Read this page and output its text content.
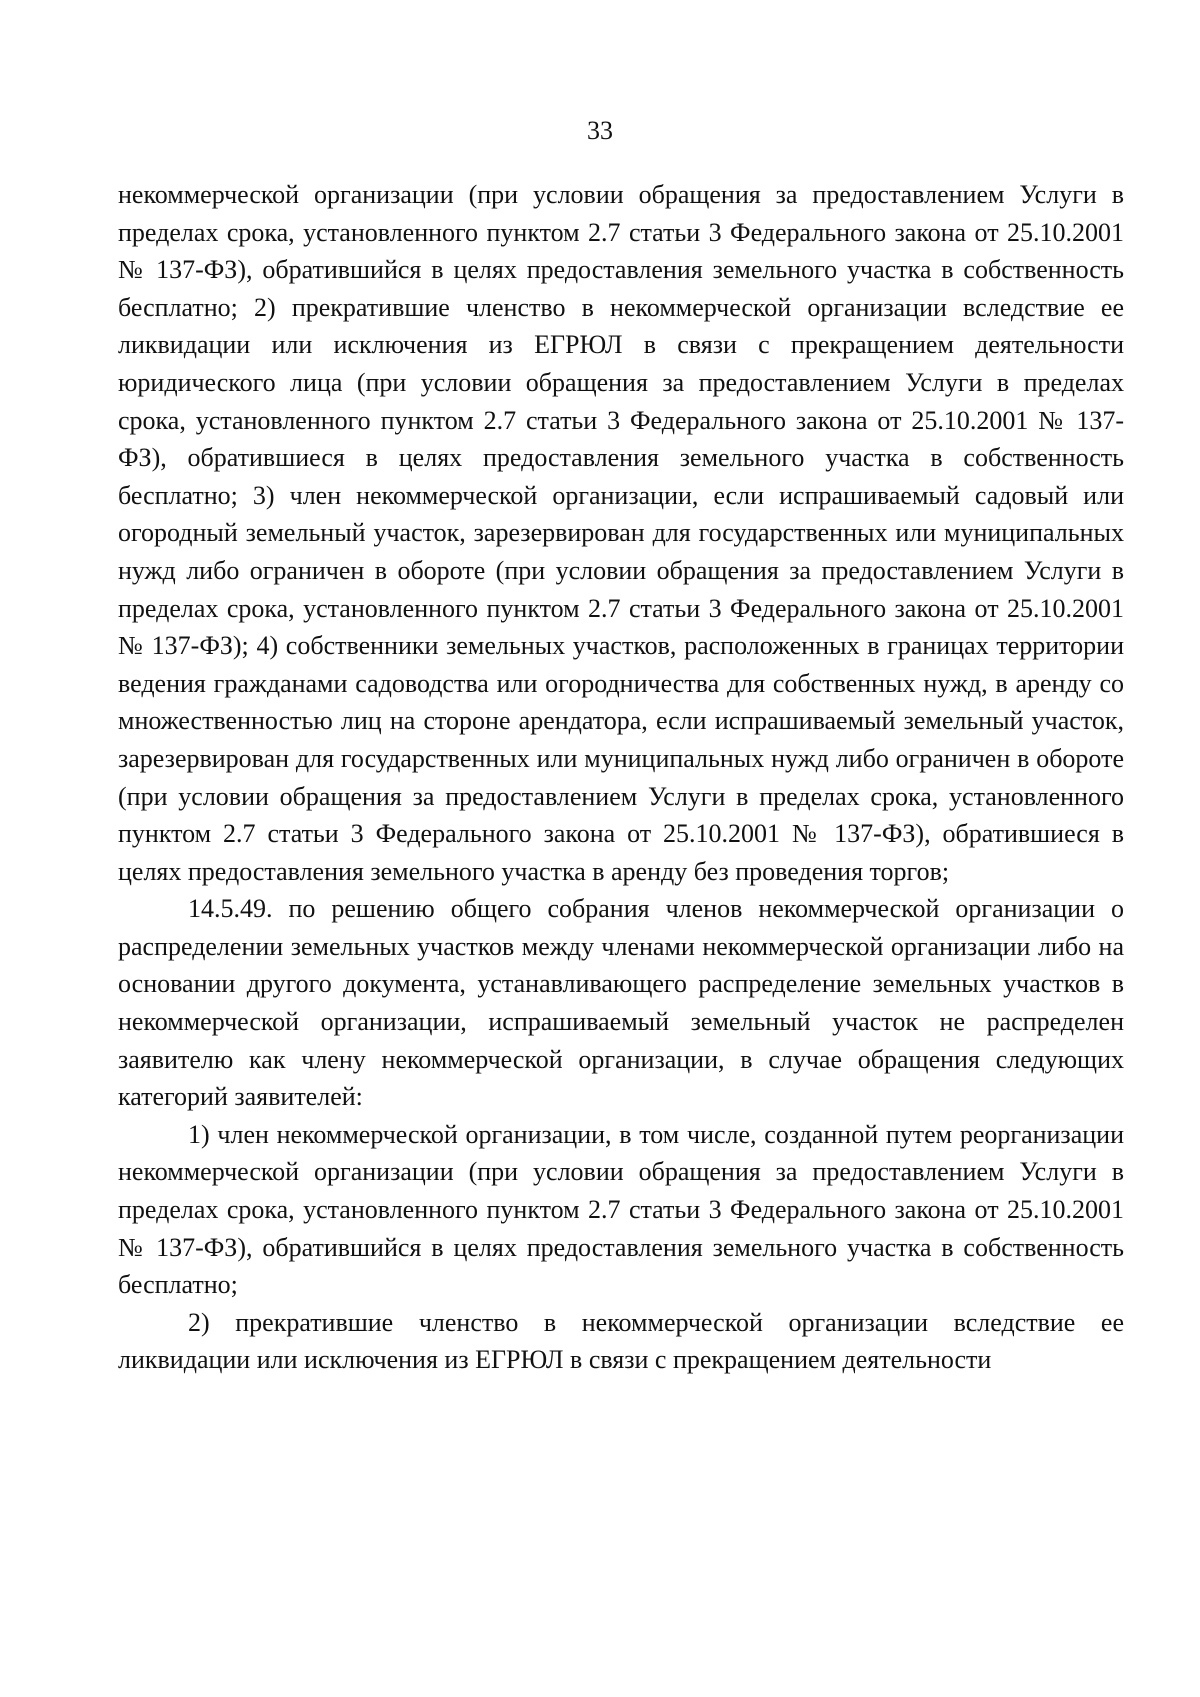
33

некоммерческой организации (при условии обращения за предоставлением Услуги в пределах срока, установленного пунктом 2.7 статьи 3 Федерального закона от 25.10.2001 № 137-ФЗ), обратившийся в целях предоставления земельного участка в собственность бесплатно; 2) прекратившие членство в некоммерческой организации вследствие ее ликвидации или исключения из ЕГРЮЛ в связи с прекращением деятельности юридического лица (при условии обращения за предоставлением Услуги в пределах срока, установленного пунктом 2.7 статьи 3 Федерального закона от 25.10.2001 № 137-ФЗ), обратившиеся в целях предоставления земельного участка в собственность бесплатно; 3) член некоммерческой организации, если испрашиваемый садовый или огородный земельный участок, зарезервирован для государственных или муниципальных нужд либо ограничен в обороте (при условии обращения за предоставлением Услуги в пределах срока, установленного пунктом 2.7 статьи 3 Федерального закона от 25.10.2001 № 137-ФЗ); 4) собственники земельных участков, расположенных в границах территории ведения гражданами садоводства или огородничества для собственных нужд, в аренду со множественностью лиц на стороне арендатора, если испрашиваемый земельный участок, зарезервирован для государственных или муниципальных нужд либо ограничен в обороте (при условии обращения за предоставлением Услуги в пределах срока, установленного пунктом 2.7 статьи 3 Федерального закона от 25.10.2001 № 137-ФЗ), обратившиеся в целях предоставления земельного участка в аренду без проведения торгов;

14.5.49. по решению общего собрания членов некоммерческой организации о распределении земельных участков между членами некоммерческой организации либо на основании другого документа, устанавливающего распределение земельных участков в некоммерческой организации, испрашиваемый земельный участок не распределен заявителю как члену некоммерческой организации, в случае обращения следующих категорий заявителей:

1) член некоммерческой организации, в том числе, созданной путем реорганизации некоммерческой организации (при условии обращения за предоставлением Услуги в пределах срока, установленного пунктом 2.7 статьи 3 Федерального закона от 25.10.2001 № 137-ФЗ), обратившийся в целях предоставления земельного участка в собственность бесплатно;

2) прекратившие членство в некоммерческой организации вследствие ее ликвидации или исключения из ЕГРЮЛ в связи с прекращением деятельности
